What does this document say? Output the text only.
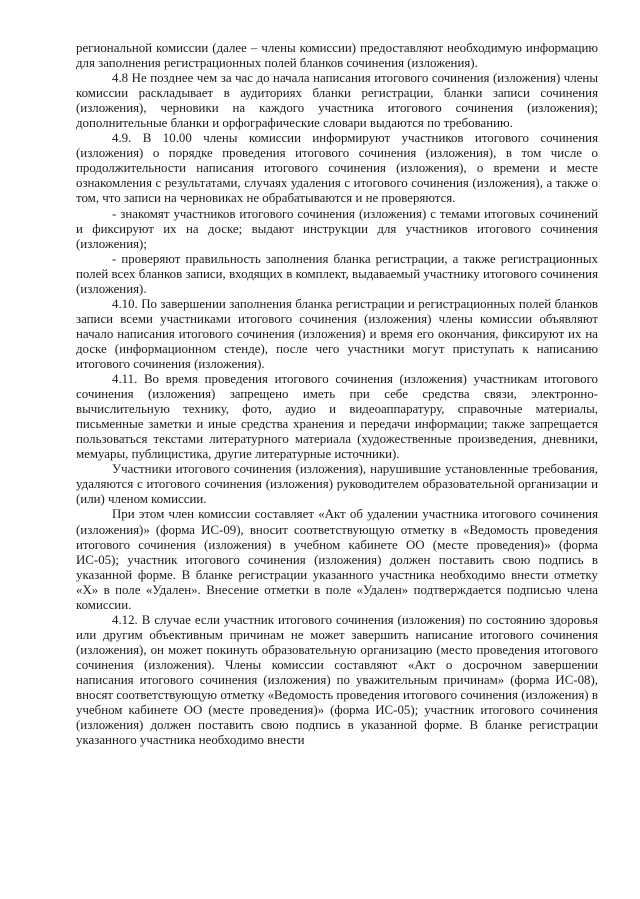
региональной комиссии (далее – члены комиссии) предоставляют необходимую информацию для заполнения регистрационных полей бланков сочинения (изложения).

4.8 Не позднее чем за час до начала написания итогового сочинения (изложения) члены комиссии раскладывает в аудиториях бланки регистрации, бланки записи сочинения (изложения), черновики на каждого участника итогового сочинения (изложения); дополнительные бланки и орфографические словари выдаются по требованию.

4.9. В 10.00 члены комиссии информируют участников итогового сочинения (изложения) о порядке проведения итогового сочинения (изложения), в том числе о продолжительности написания итогового сочинения (изложения), о времени и месте ознакомления с результатами, случаях удаления с итогового сочинения (изложения), а также о том, что записи на черновиках не обрабатываются и не проверяются.

- знакомят участников итогового сочинения (изложения) с темами итоговых сочинений и фиксируют их на доске; выдают инструкции для участников итогового сочинения (изложения);

- проверяют правильность заполнения бланка регистрации, а также регистрационных полей всех бланков записи, входящих в комплект, выдаваемый участнику итогового сочинения (изложения).

4.10. По завершении заполнения бланка регистрации и регистрационных полей бланков записи всеми участниками итогового сочинения (изложения) члены комиссии объявляют начало написания итогового сочинения (изложения) и время его окончания, фиксируют их на доске (информационном стенде), после чего участники могут приступать к написанию итогового сочинения (изложения).

4.11. Во время проведения итогового сочинения (изложения) участникам итогового сочинения (изложения) запрещено иметь при себе средства связи, электронно-вычислительную технику, фото, аудио и видеоаппаратуру, справочные материалы, письменные заметки и иные средства хранения и передачи информации; также запрещается пользоваться текстами литературного материала (художественные произведения, дневники, мемуары, публицистика, другие литературные источники).

Участники итогового сочинения (изложения), нарушившие установленные требования, удаляются с итогового сочинения (изложения) руководителем образовательной организации и (или) членом комиссии.

При этом член комиссии составляет «Акт об удалении участника итогового сочинения (изложения)» (форма ИС-09), вносит соответствующую отметку в «Ведомость проведения итогового сочинения (изложения) в учебном кабинете ОО (месте проведения)» (форма ИС-05); участник итогового сочинения (изложения) должен поставить свою подпись в указанной форме. В бланке регистрации указанного участника необходимо внести отметку «Х» в поле «Удален». Внесение отметки в поле «Удален» подтверждается подписью члена комиссии.

4.12. В случае если участник итогового сочинения (изложения) по состоянию здоровья или другим объективным причинам не может завершить написание итогового сочинения (изложения), он может покинуть образовательную организацию (место проведения итогового сочинения (изложения). Члены комиссии составляют «Акт о досрочном завершении написания итогового сочинения (изложения) по уважительным причинам» (форма ИС-08), вносят соответствующую отметку «Ведомость проведения итогового сочинения (изложения) в учебном кабинете ОО (месте проведения)» (форма ИС-05); участник итогового сочинения (изложения) должен поставить свою подпись в указанной форме. В бланке регистрации указанного участника необходимо внести
